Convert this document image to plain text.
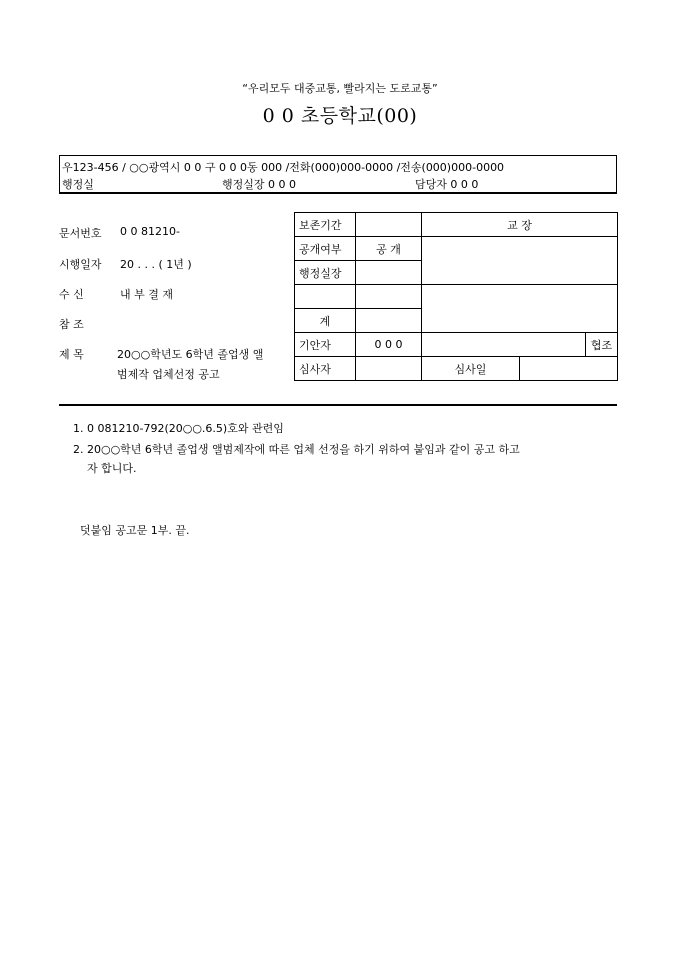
“우리모두 대중교통, 빨라지는 도로교통”
0 0 초등학교(00)
우123-456 / ○○광역시 0 0 구 0 0 0동 000 /전화(000)000-0000 /전송(000)000-0000
행정실	행정실장 0 0 0	담당자 0 0 0
문서번호 0 0 81210-
시행일자 20 . . . ( 1년 )
수 신	내 부 결 재
참 조
제 목	20○○학년도 6학년 졸업생 앨
범제작 업체선정 공고
보존기간		교 장		
공개여부	공 개			
행정실장				

계				
기안자	0 0 0			협조
심사자		심사일		
1. 0 081210-792(20○○.6.5)호와 관련임
2. 20○○학년 6학년 졸업생 앨범제작에 따른 업체 선정을 하기 위하여 붙임과 같이 공고 하고
자 합니다.
덧붙임 공고문 1부. 끝.
